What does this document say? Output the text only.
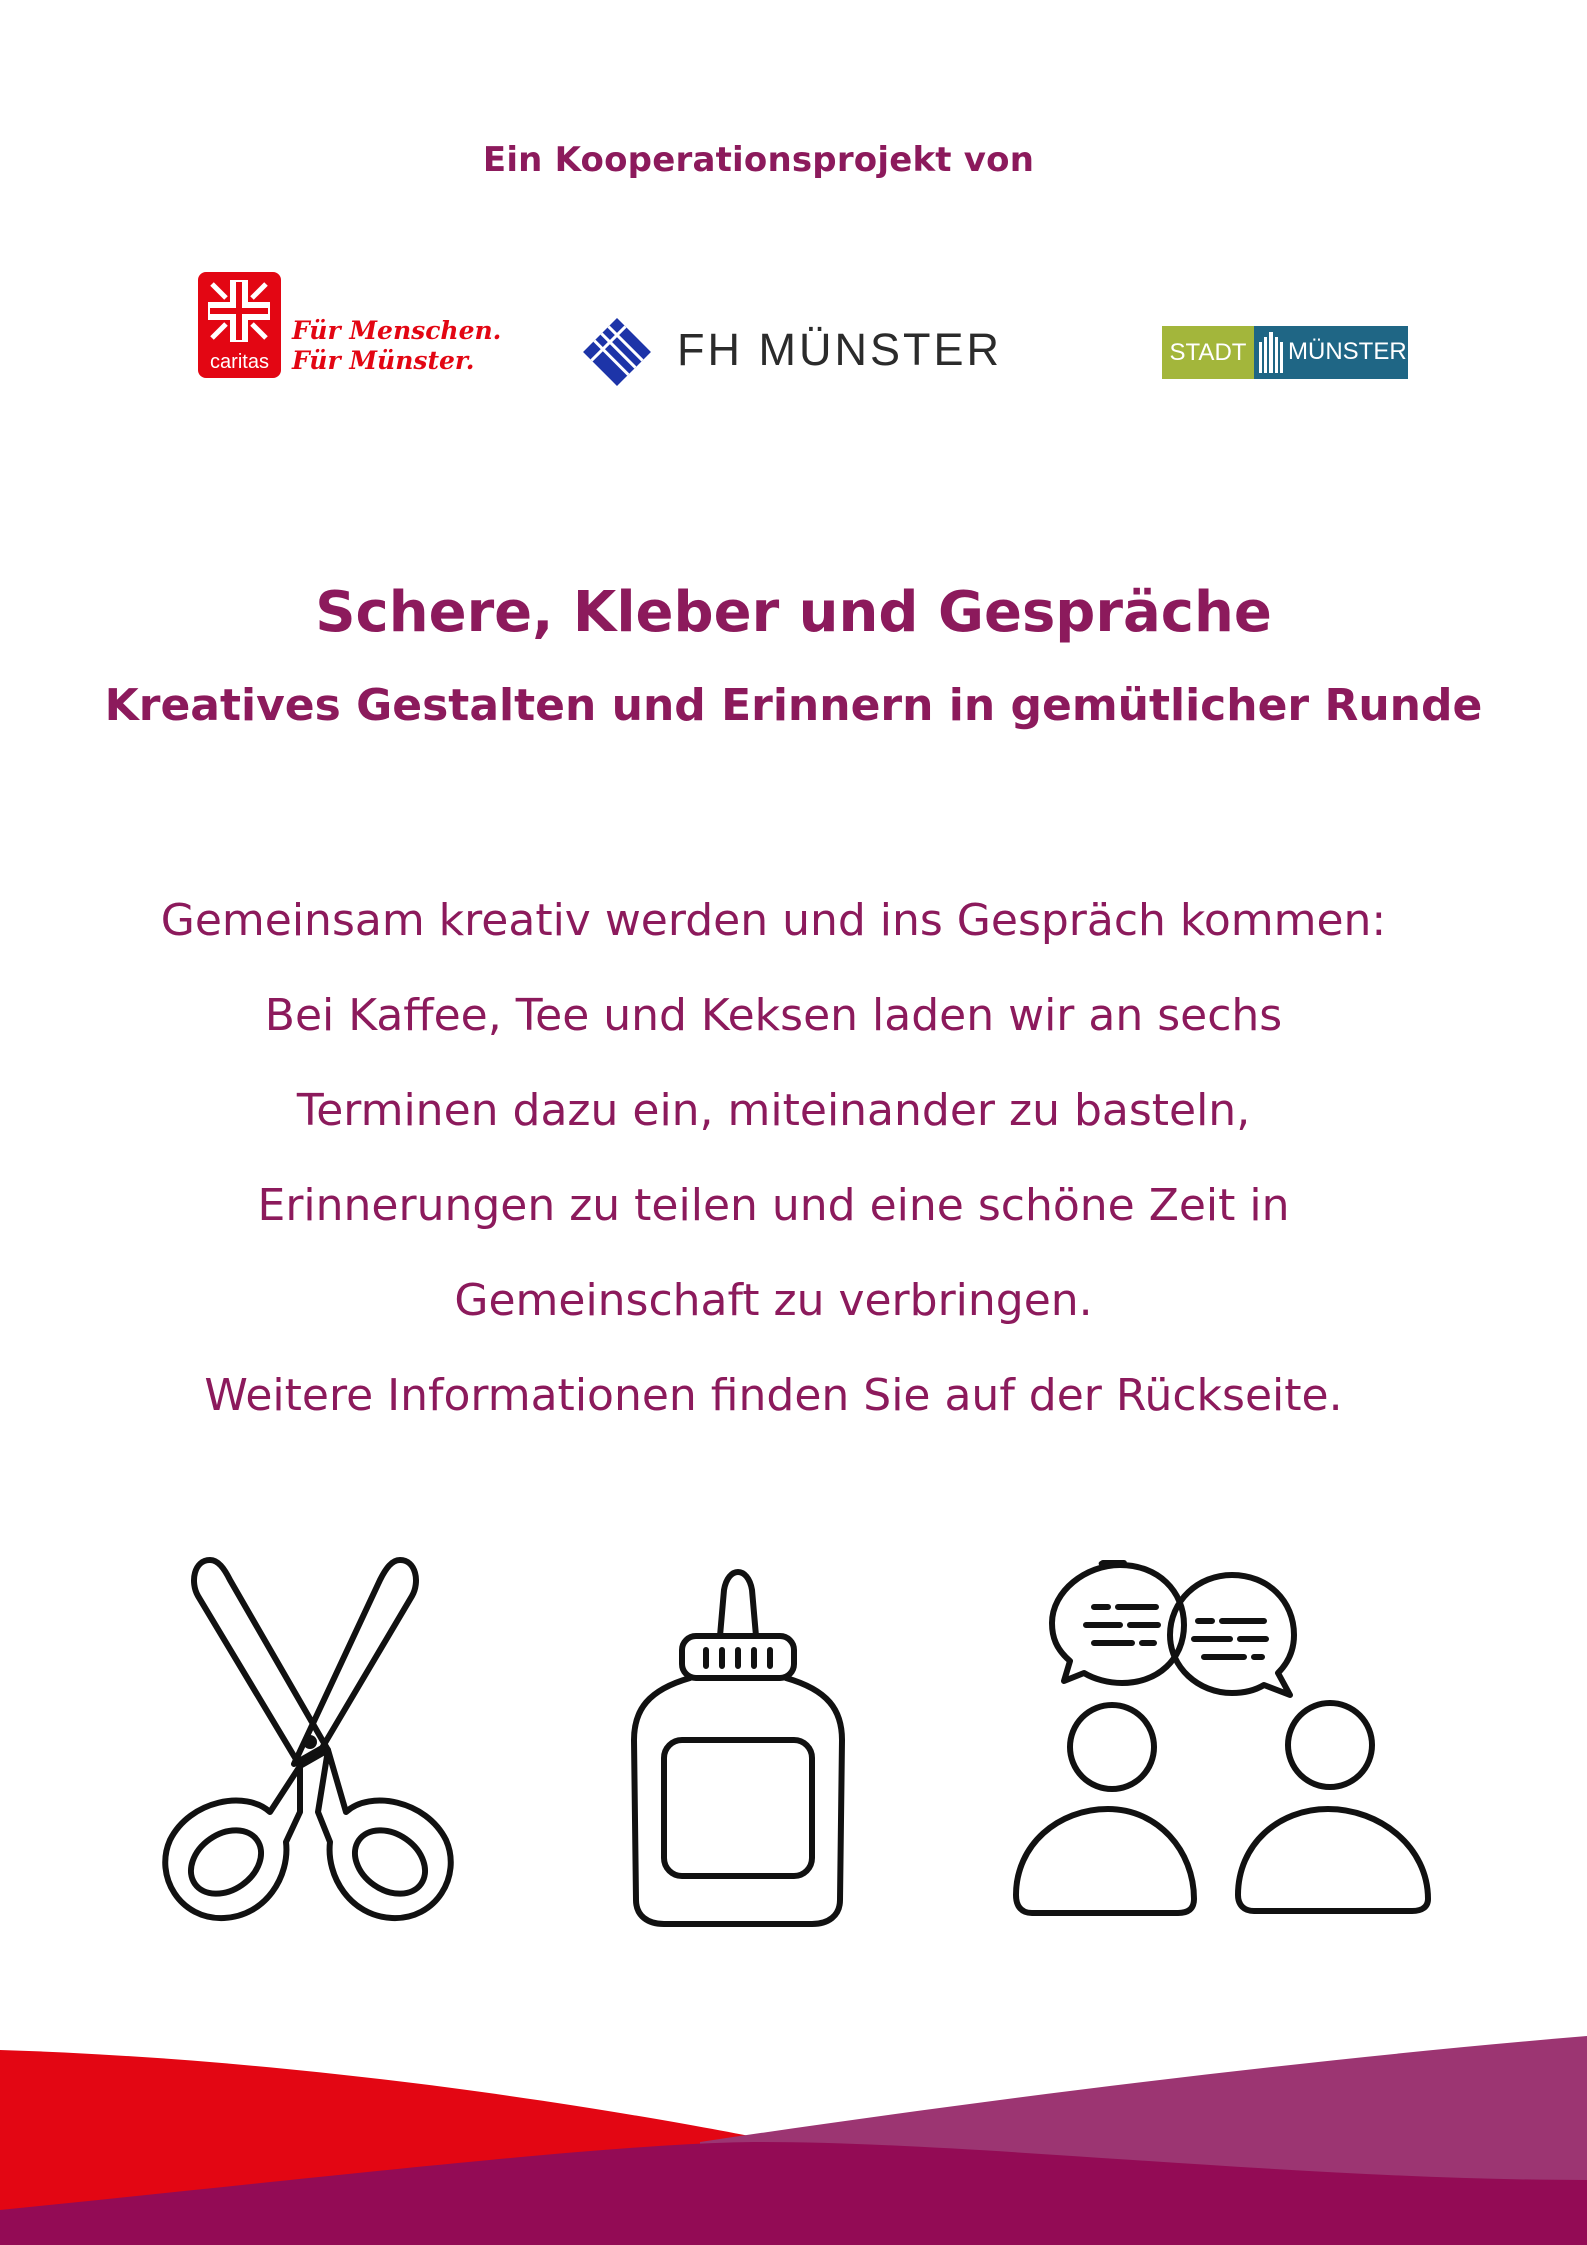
Ein Kooperationsprojekt von
caritas
Für Menschen.
Für Münster.	FH MÜNSTER	STADT	MÜNSTER
Schere, Kleber und Gespräche
Kreatives Gestalten und Erinnern in gemütlicher Runde
Gemeinsam kreativ werden und ins Gespräch kommen:
Bei Kaffee, Tee und Keksen laden wir an sechs
Terminen dazu ein, miteinander zu basteln,
Erinnerungen zu teilen und eine schöne Zeit in
Gemeinschaft zu verbringen.
Weitere Informationen finden Sie auf der Rückseite.
